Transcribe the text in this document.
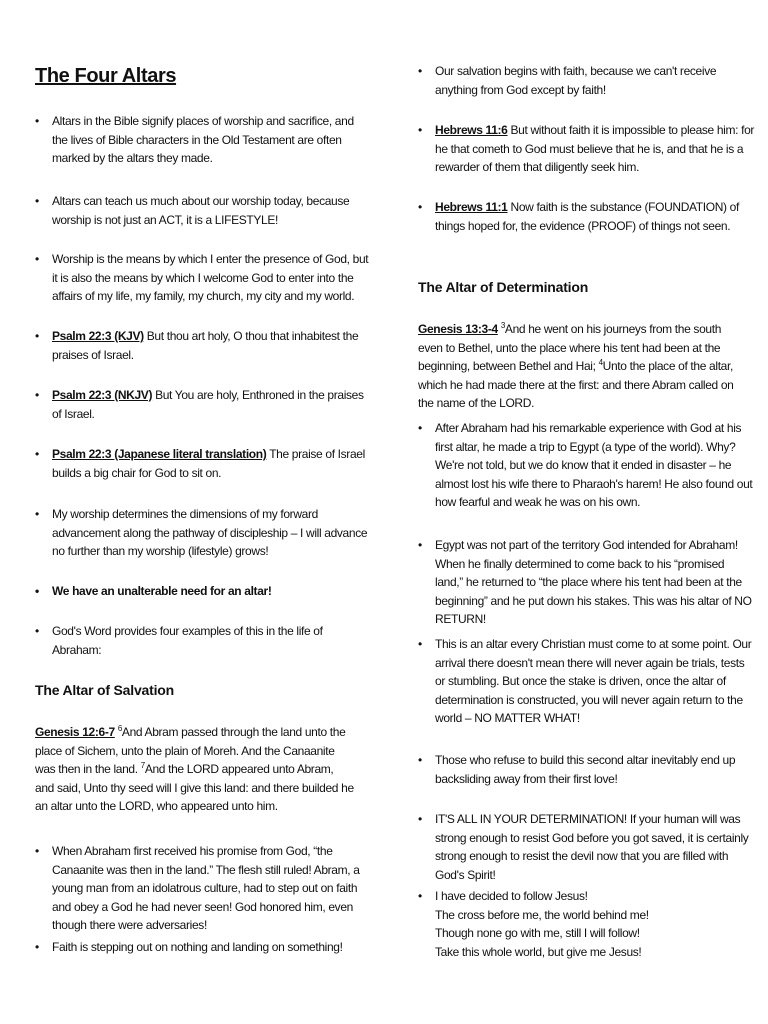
The Four Altars
• Altars in the Bible signify places of worship and sacrifice, and the lives of Bible characters in the Old Testament are often marked by the altars they made.
• Altars can teach us much about our worship today, because worship is not just an ACT, it is a LIFESTYLE!
• Worship is the means by which I enter the presence of God, but it is also the means by which I welcome God to enter into the affairs of my life, my family, my church, my city and my world.
• Psalm 22:3 (KJV) But thou art holy, O thou that inhabitest the praises of Israel.
• Psalm 22:3 (NKJV) But You are holy, Enthroned in the praises of Israel.
• Psalm 22:3 (Japanese literal translation) The praise of Israel builds a big chair for God to sit on.
• My worship determines the dimensions of my forward advancement along the pathway of discipleship – I will advance no further than my worship (lifestyle) grows!
• We have an unalterable need for an altar!
• God's Word provides four examples of this in the life of Abraham:
The Altar of Salvation
Genesis 12:6-7 $^6$And Abram passed through the land unto the place of Sichem, unto the plain of Moreh. And the Canaanite was then in the land. $^7$And the LORD appeared unto Abram, and said, Unto thy seed will I give this land: and there builded he an altar unto the LORD, who appeared unto him.
• When Abraham first received his promise from God, “the Canaanite was then in the land.” The flesh still ruled! Abram, a young man from an idolatrous culture, had to step out on faith and obey a God he had never seen! God honored him, even though there were adversaries!
• Faith is stepping out on nothing and landing on something!
• Our salvation begins with faith, because we can't receive anything from God except by faith!
• Hebrews 11:6 But without faith it is impossible to please him: for he that cometh to God must believe that he is, and that he is a rewarder of them that diligently seek him.
• Hebrews 11:1 Now faith is the substance (FOUNDATION) of things hoped for, the evidence (PROOF) of things not seen.
The Altar of Determination
Genesis 13:3-4 $^3$And he went on his journeys from the south even to Bethel, unto the place where his tent had been at the beginning, between Bethel and Hai; $^4$Unto the place of the altar, which he had made there at the first: and there Abram called on the name of the LORD.
• After Abraham had his remarkable experience with God at his first altar, he made a trip to Egypt (a type of the world). Why? We're not told, but we do know that it ended in disaster – he almost lost his wife there to Pharaoh's harem! He also found out how fearful and weak he was on his own.
• Egypt was not part of the territory God intended for Abraham! When he finally determined to come back to his “promised land,” he returned to “the place where his tent had been at the beginning” and he put down his stakes. This was his altar of NO RETURN!
• This is an altar every Christian must come to at some point. Our arrival there doesn't mean there will never again be trials, tests or stumbling. But once the stake is driven, once the altar of determination is constructed, you will never again return to the world – NO MATTER WHAT!
• Those who refuse to build this second altar inevitably end up backsliding away from their first love!
• IT'S ALL IN YOUR DETERMINATION! If your human will was strong enough to resist God before you got saved, it is certainly strong enough to resist the devil now that you are filled with God's Spirit!
• I have decided to follow Jesus!
The cross before me, the world behind me!
Though none go with me, still I will follow!
Take this whole world, but give me Jesus!
